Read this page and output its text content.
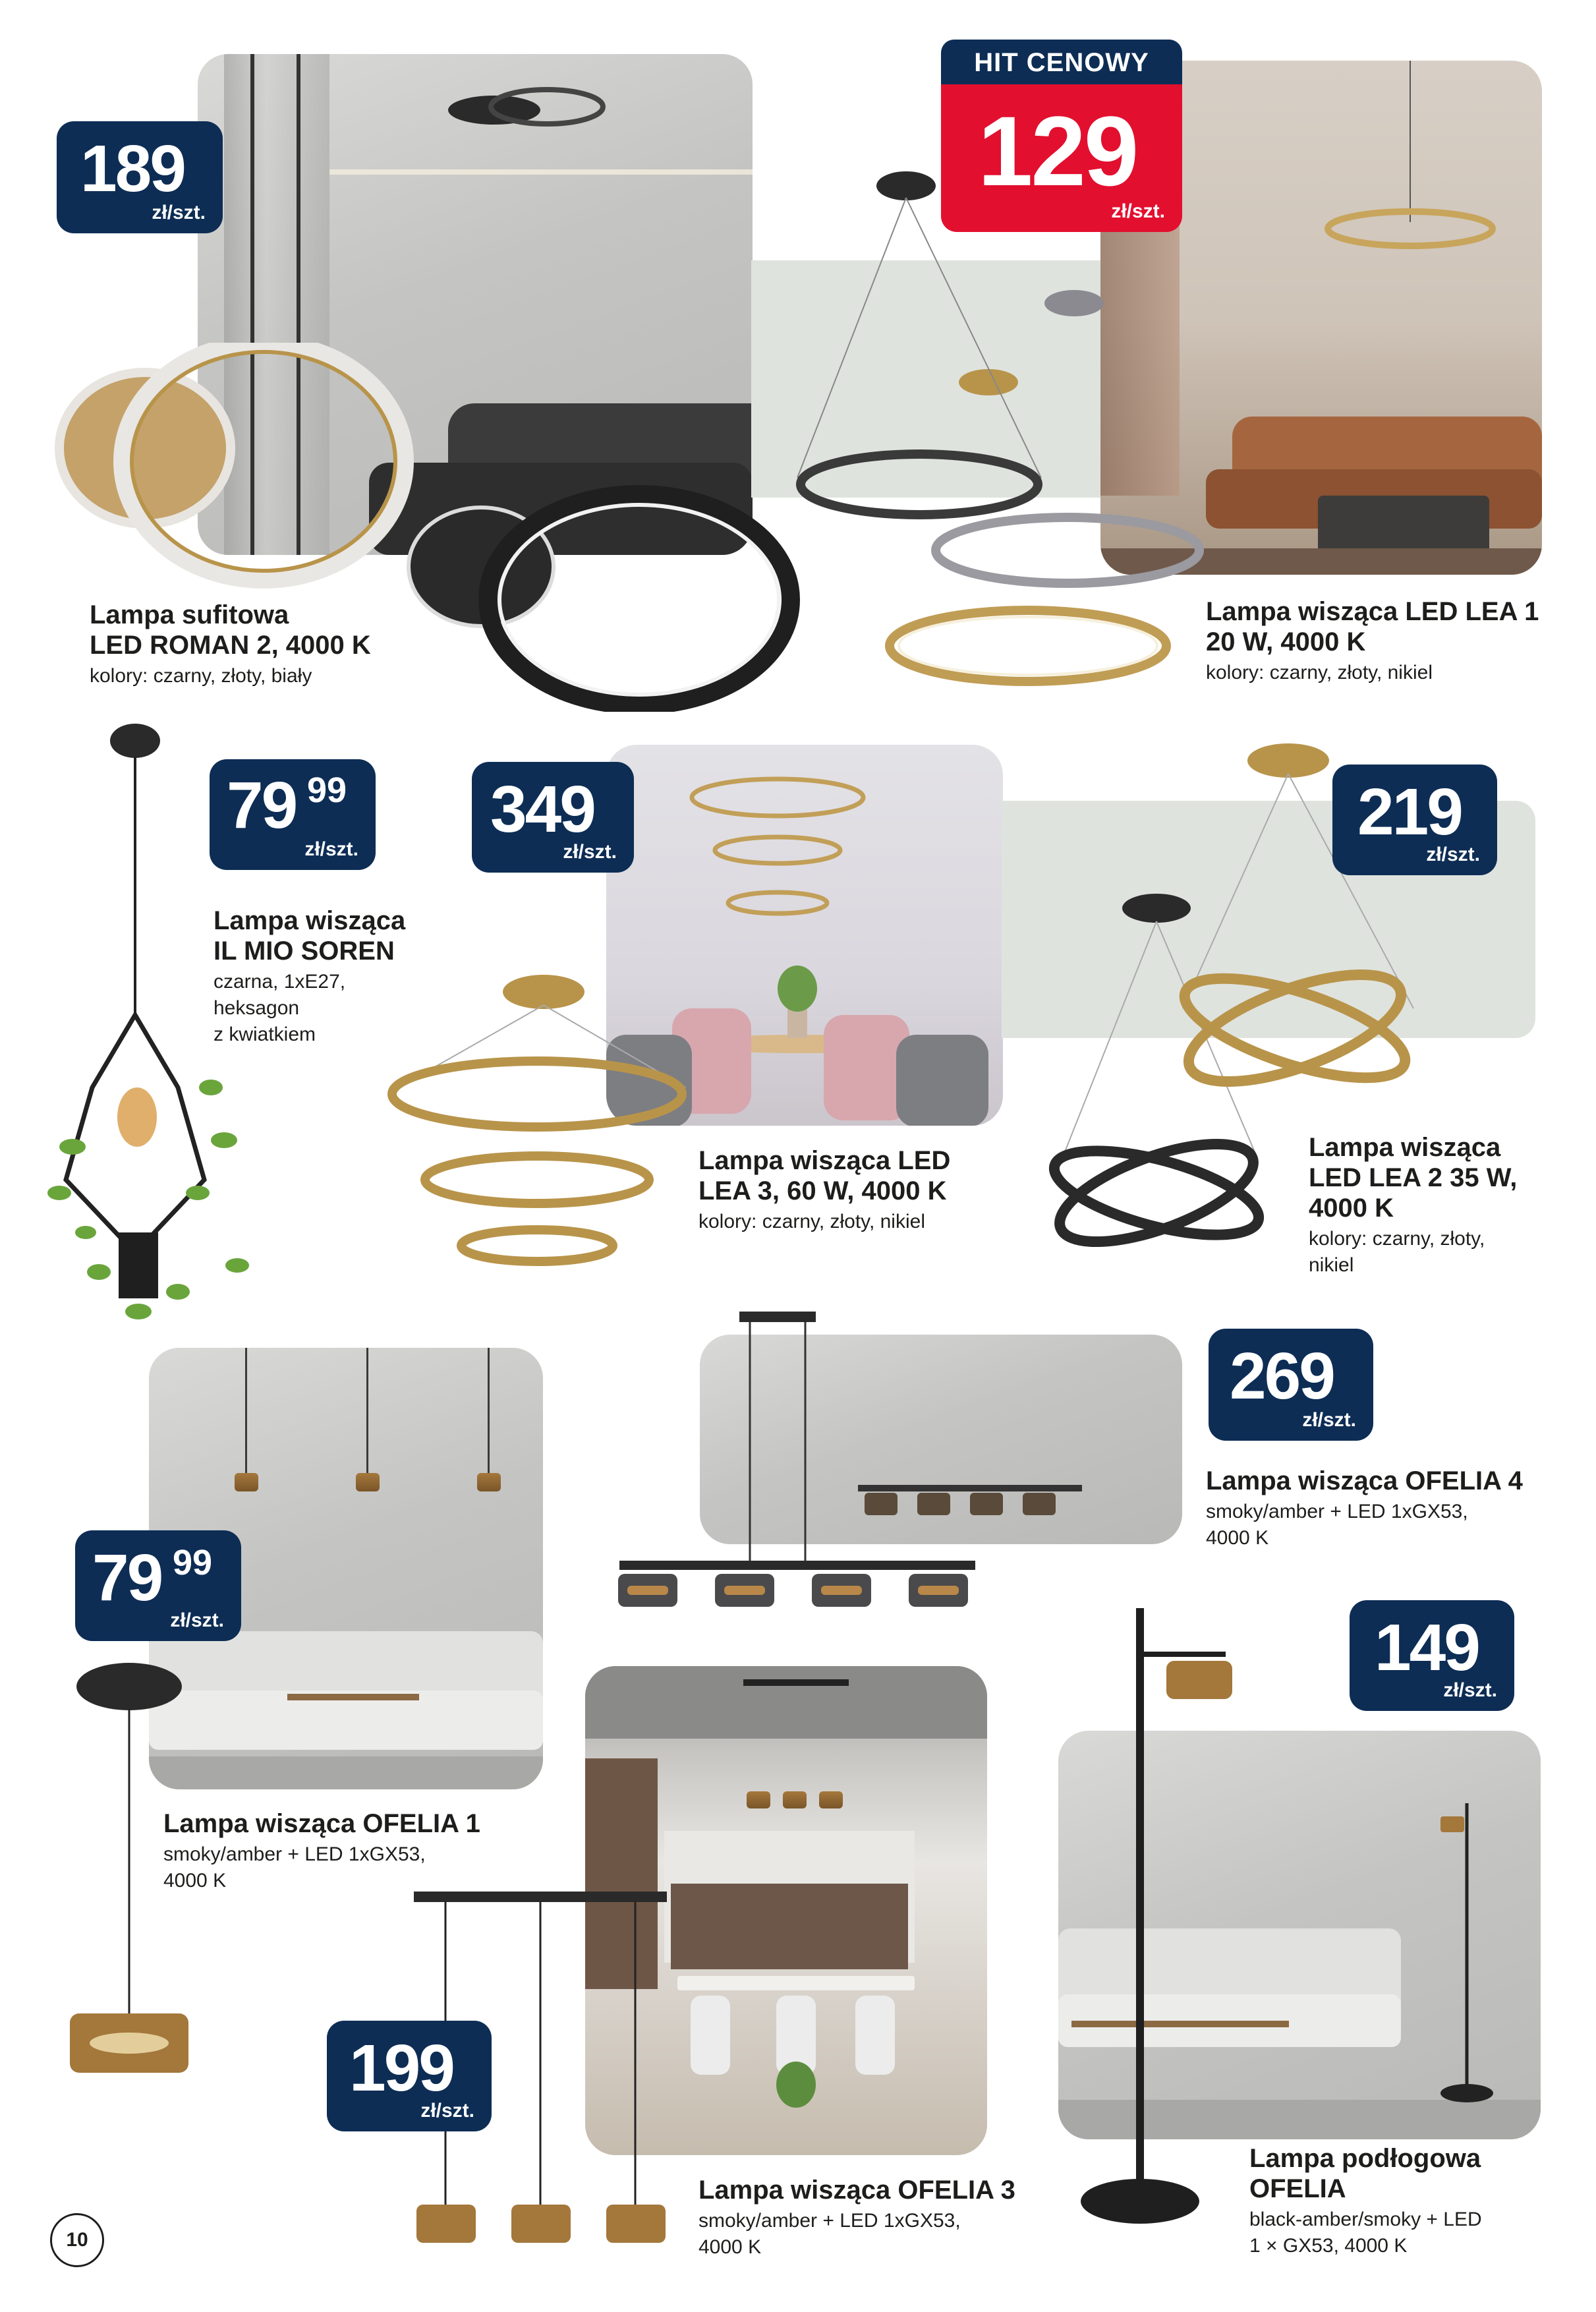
189
zł/szt.
Lampa sufitowa
LED ROMAN 2, 4000 K
kolory: czarny, złoty, biały
HIT CENOWY
129
zł/szt.
Lampa wisząca LED LEA 1
20 W, 4000 K
kolory: czarny, złoty, nikiel
79 99
zł/szt.
Lampa wisząca
IL MIO SOREN
czarna, 1xE27,
heksagon
z kwiatkiem
349
zł/szt.
Lampa wisząca LED
LEA 3, 60 W, 4000 K
kolory: czarny, złoty, nikiel
219
zł/szt.
Lampa wisząca
LED LEA 2 35 W,
4000 K
kolory: czarny, złoty,
nikiel
79 99
zł/szt.
Lampa wisząca OFELIA 1
smoky/amber + LED 1xGX53,
4000 K
269
zł/szt.
Lampa wisząca OFELIA 4
smoky/amber + LED 1xGX53,
4000 K
199
zł/szt.
Lampa wisząca OFELIA 3
smoky/amber + LED 1xGX53,
4000 K
149
zł/szt.
Lampa podłogowa
OFELIA
black-amber/smoky + LED
1 × GX53, 4000 K
10
